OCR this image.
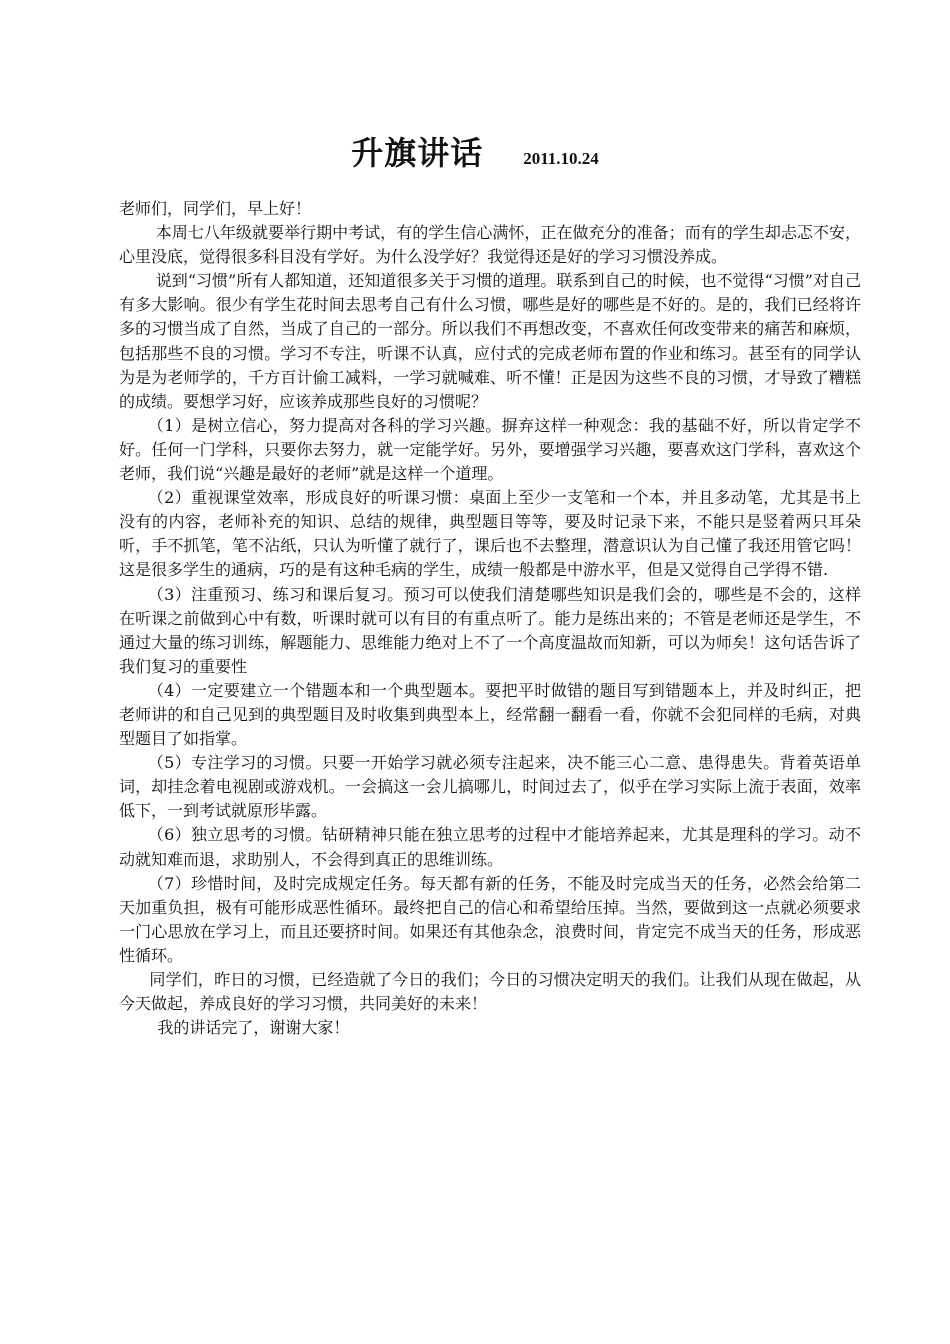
升旗讲话 2011.10.24

老师们，同学们，早上好！

本周七八年级就要举行期中考试，有的学生信心满怀，正在做充分的准备；而有的学生却忐忑不安，心里没底，觉得很多科目没有学好。为什么没学好？我觉得还是好的学习习惯没养成。

说到“习惯”所有人都知道，还知道很多关于习惯的道理。联系到自己的时候，也不觉得“习惯”对自己有多大影响。很少有学生花时间去思考自己有什么习惯，哪些是好的哪些是不好的。是的，我们已经将许多的习惯当成了自然，当成了自己的一部分。所以我们不再想改变，不喜欢任何改变带来的痛苦和麻烦，包括那些不良的习惯。学习不专注，听课不认真，应付式的完成老师布置的作业和练习。甚至有的同学认为是为老师学的，千方百计偷工减料，一学习就喊难、听不懂！正是因为这些不良的习惯，才导致了糟糕的成绩。要想学习好，应该养成那些良好的习惯呢？

（1）是树立信心，努力提高对各科的学习兴趣。摒弃这样一种观念：我的基础不好，所以肯定学不好。任何一门学科，只要你去努力，就一定能学好。另外，要增强学习兴趣，要喜欢这门学科，喜欢这个老师，我们说“兴趣是最好的老师”就是这样一个道理。

（2）重视课堂效率，形成良好的听课习惯：桌面上至少一支笔和一个本，并且多动笔，尤其是书上没有的内容，老师补充的知识、总结的规律，典型题目等等，要及时记录下来，不能只是竖着两只耳朵听，手不抓笔，笔不沾纸，只认为听懂了就行了，课后也不去整理，潜意识认为自己懂了我还用管它吗！这是很多学生的通病，巧的是有这种毛病的学生，成绩一般都是中游水平，但是又觉得自己学得不错.

（3）注重预习、练习和课后复习。预习可以使我们清楚哪些知识是我们会的，哪些是不会的，这样在听课之前做到心中有数，听课时就可以有目的有重点听了。能力是练出来的；不管是老师还是学生，不通过大量的练习训练，解题能力、思维能力绝对上不了一个高度温故而知新，可以为师矣！这句话告诉了我们复习的重要性

（4）一定要建立一个错题本和一个典型题本。要把平时做错的题目写到错题本上，并及时纠正，把老师讲的和自己见到的典型题目及时收集到典型本上，经常翻一翻看一看，你就不会犯同样的毛病，对典型题目了如指掌。

（5）专注学习的习惯。只要一开始学习就必须专注起来，决不能三心二意、患得患失。背着英语单词，却挂念着电视剧或游戏机。一会搞这一会儿搞哪儿，时间过去了，似乎在学习实际上流于表面，效率低下，一到考试就原形毕露。

（6）独立思考的习惯。钻研精神只能在独立思考的过程中才能培养起来，尤其是理科的学习。动不动就知难而退，求助别人，不会得到真正的思维训练。

（7）珍惜时间，及时完成规定任务。每天都有新的任务，不能及时完成当天的任务，必然会给第二天加重负担，极有可能形成恶性循环。最终把自己的信心和希望给压掉。当然，要做到这一点就必须要求一门心思放在学习上，而且还要挤时间。如果还有其他杂念，浪费时间，肯定完不成当天的任务，形成恶性循环。

同学们，昨日的习惯，已经造就了今日的我们；今日的习惯决定明天的我们。让我们从现在做起，从今天做起，养成良好的学习习惯，共同美好的未来！

我的讲话完了，谢谢大家！
